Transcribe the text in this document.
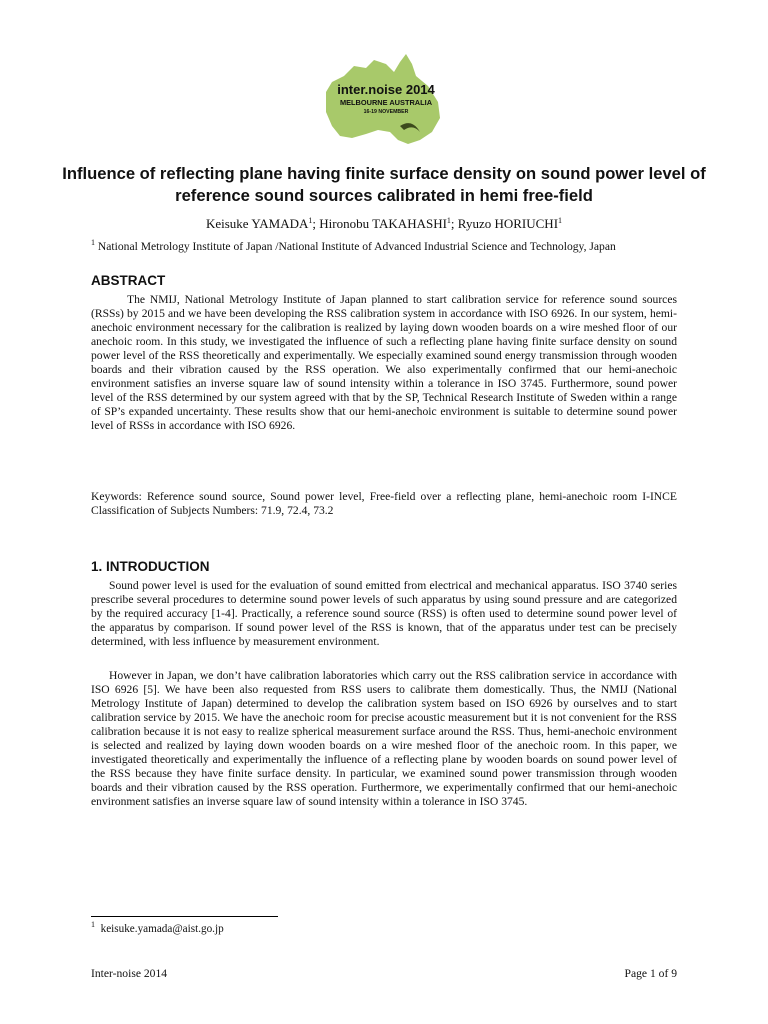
inter.noise 2014
MELBOURNE AUSTRALIA
16-19 NOVEMBER
Influence of reflecting plane having finite surface density on sound power level of reference sound sources calibrated in hemi free-field
Keisuke YAMADA$^1$; Hironobu TAKAHASHI$^1$; Ryuzo HORIUCHI$^1$
$^1$ National Metrology Institute of Japan /National Institute of Advanced Industrial Science and Technology, Japan
ABSTRACT
The NMIJ, National Metrology Institute of Japan planned to start calibration service for reference sound sources (RSSs) by 2015 and we have been developing the RSS calibration system in accordance with ISO 6926. In our system, hemi-anechoic environment necessary for the calibration is realized by laying down wooden boards on a wire meshed floor of our anechoic room. In this study, we investigated the influence of such a reflecting plane having finite surface density on sound power level of the RSS theoretically and experimentally. We especially examined sound energy transmission through wooden boards and their vibration caused by the RSS operation. We also experimentally confirmed that our hemi-anechoic environment satisfies an inverse square law of sound intensity within a tolerance in ISO 3745. Furthermore, sound power level of the RSS determined by our system agreed with that by the SP, Technical Research Institute of Sweden within a range of SP’s expanded uncertainty. These results show that our hemi-anechoic environment is suitable to determine sound power level of RSSs in accordance with ISO 6926.
Keywords: Reference sound source, Sound power level, Free-field over a reflecting plane, hemi-anechoic room I-INCE Classification of Subjects Numbers: 71.9, 72.4, 73.2
1. INTRODUCTION
Sound power level is used for the evaluation of sound emitted from electrical and mechanical apparatus. ISO 3740 series prescribe several procedures to determine sound power levels of such apparatus by using sound pressure and are categorized by the required accuracy [1-4]. Practically, a reference sound source (RSS) is often used to determine sound power level of the apparatus by comparison. If sound power level of the RSS is known, that of the apparatus under test can be precisely determined, with less influence by measurement environment.
However in Japan, we don’t have calibration laboratories which carry out the RSS calibration service in accordance with ISO 6926 [5]. We have been also requested from RSS users to calibrate them domestically. Thus, the NMIJ (National Metrology Institute of Japan) determined to develop the calibration system based on ISO 6926 by ourselves and to start calibration service by 2015. We have the anechoic room for precise acoustic measurement but it is not convenient for the RSS calibration because it is not easy to realize spherical measurement surface around the RSS. Thus, hemi-anechoic environment is selected and realized by laying down wooden boards on a wire meshed floor of the anechoic room. In this paper, we investigated theoretically and experimentally the influence of a reflecting plane by wooden boards on sound power level of the RSS because they have finite surface density. In particular, we examined sound power transmission through wooden boards and their vibration caused by the RSS operation. Furthermore, we experimentally confirmed that our hemi-anechoic environment satisfies an inverse square law of sound intensity within a tolerance in ISO 3745.
$^1$ keisuke.yamada@aist.go.jp
Inter-noise 2014	Page 1 of 9
